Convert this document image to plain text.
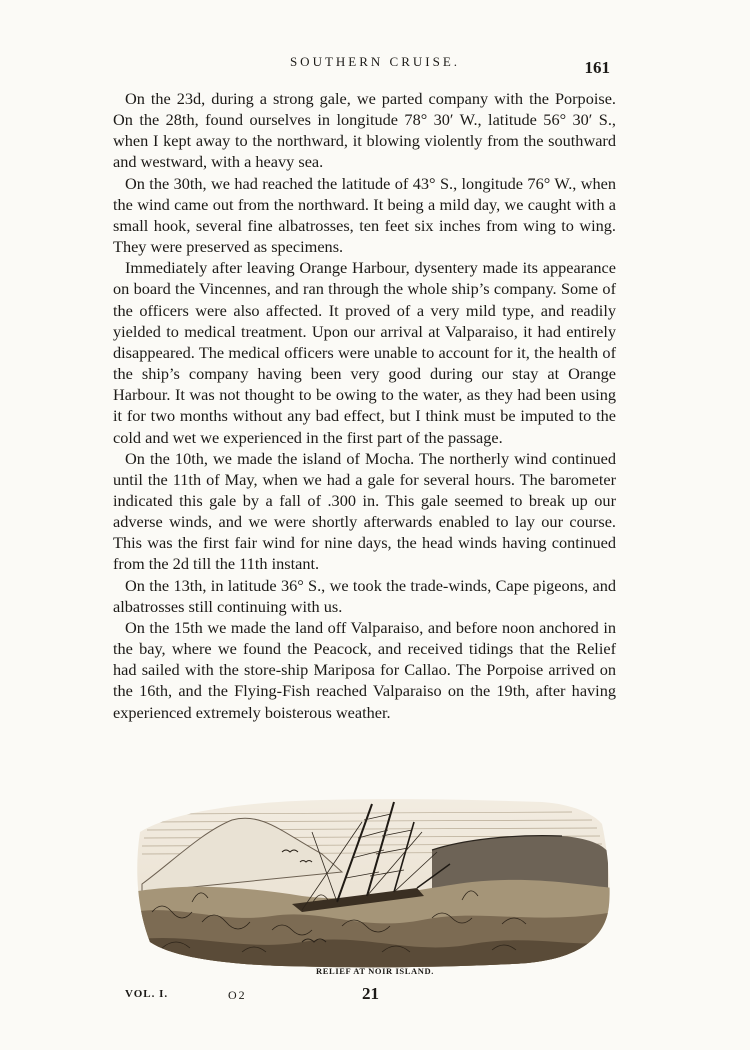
SOUTHERN CRUISE.	161

On the 23d, during a strong gale, we parted company with the Porpoise. On the 28th, found ourselves in longitude 78° 30′ W., latitude 56° 30′ S., when I kept away to the northward, it blowing violently from the southward and westward, with a heavy sea.

On the 30th, we had reached the latitude of 43° S., longitude 76° W., when the wind came out from the northward. It being a mild day, we caught with a small hook, several fine albatrosses, ten feet six inches from wing to wing. They were preserved as specimens.

Immediately after leaving Orange Harbour, dysentery made its appearance on board the Vincennes, and ran through the whole ship’s company. Some of the officers were also affected. It proved of a very mild type, and readily yielded to medical treatment. Upon our arrival at Valparaiso, it had entirely disappeared. The medical officers were unable to account for it, the health of the ship’s company having been very good during our stay at Orange Harbour. It was not thought to be owing to the water, as they had been using it for two months without any bad effect, but I think must be imputed to the cold and wet we experienced in the first part of the passage.

On the 10th, we made the island of Mocha. The northerly wind continued until the 11th of May, when we had a gale for several hours. The barometer indicated this gale by a fall of .300 in. This gale seemed to break up our adverse winds, and we were shortly afterwards enabled to lay our course. This was the first fair wind for nine days, the head winds having continued from the 2d till the 11th instant.

On the 13th, in latitude 36° S., we took the trade-winds, Cape pigeons, and albatrosses still continuing with us.

On the 15th we made the land off Valparaiso, and before noon anchored in the bay, where we found the Peacock, and received tidings that the Relief had sailed with the store-ship Mariposa for Callao. The Porpoise arrived on the 16th, and the Flying-Fish reached Valparaiso on the 19th, after having experienced extremely boisterous weather.

RELIEF AT NOIR ISLAND.
VOL. I.	O2	21
